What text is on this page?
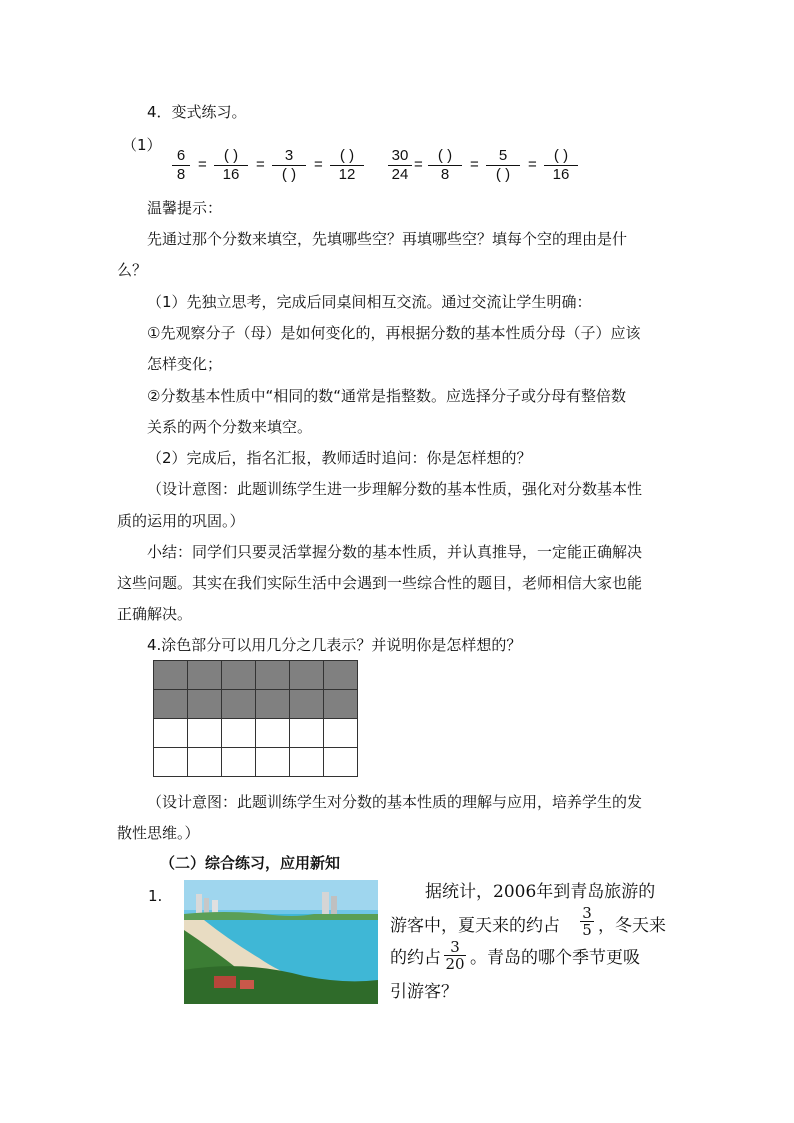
4．变式练习。
（1）
$\frac{6}{8}$ =
( )
16
=
3
( )
=
( )
12	$\frac{30}{24}$ =
( )
8
=
5
( )
=
( )
16
温馨提示：
先通过那个分数来填空，先填哪些空？再填哪些空？填每个空的理由是什
么？
（1）先独立思考，完成后同桌间相互交流。通过交流让学生明确：
①先观察分子（母）是如何变化的，再根据分数的基本性质分母（子）应该
怎样变化；
②分数基本性质中“相同的数“通常是指整数。应选择分子或分母有整倍数
关系的两个分数来填空。
（2）完成后，指名汇报，教师适时追问：你是怎样想的？
（设计意图：此题训练学生进一步理解分数的基本性质，强化对分数基本性
质的运用的巩固。）
小结：同学们只要灵活掌握分数的基本性质，并认真推导，一定能正确解决
这些问题。其实在我们实际生活中会遇到一些综合性的题目，老师相信大家也能
正确解决。
4.涂色部分可以用几分之几表示？并说明你是怎样想的？

（设计意图：此题训练学生对分数的基本性质的理解与应用，培养学生的发
散性思维。）
（二）综合练习，应用新知
1.	据统计，2006年到青岛旅游的
游客中，夏天来的约占 $\frac{3}{5}$ ，冬天来
的约占 $\frac{3}{20}$ 。青岛的哪个季节更吸
引游客？
